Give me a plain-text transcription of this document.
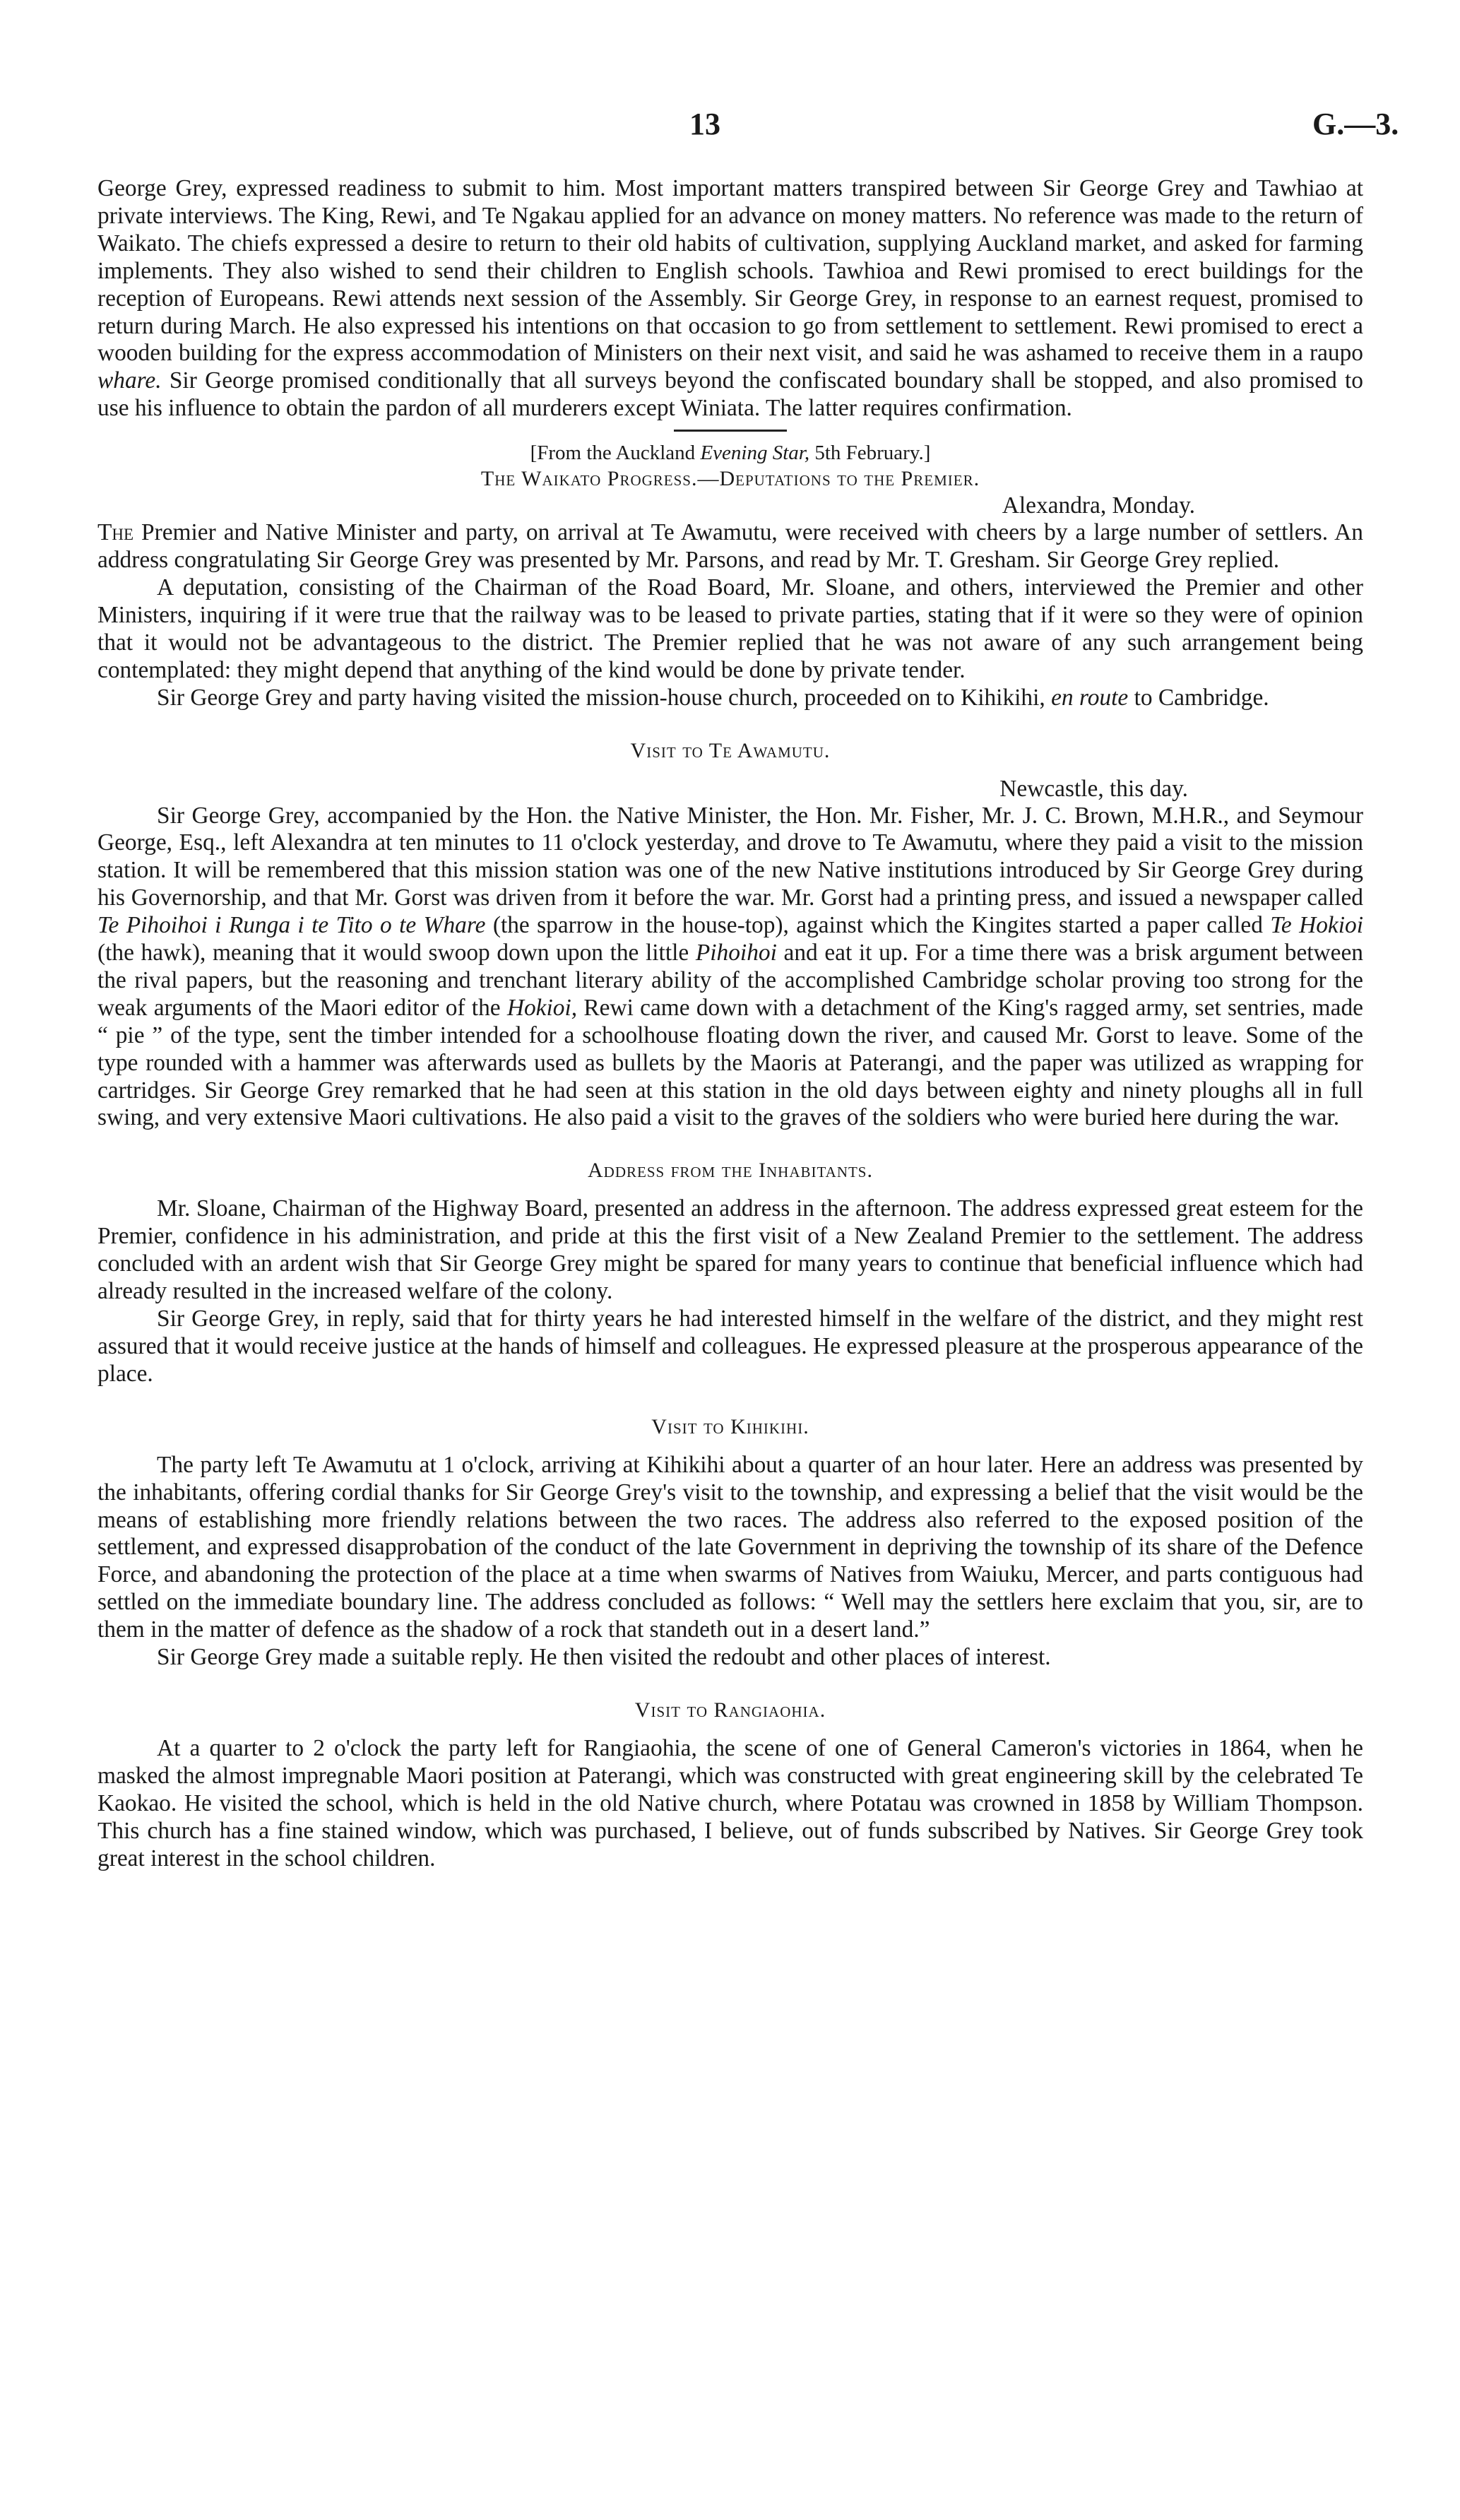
13	G.—3.

George Grey, expressed readiness to submit to him. Most important matters transpired between Sir George Grey and Tawhiao at private interviews. The King, Rewi, and Te Ngakau applied for an advance on money matters. No reference was made to the return of Waikato. The chiefs expressed a desire to return to their old habits of cultivation, supplying Auckland market, and asked for farming implements. They also wished to send their children to English schools. Tawhioa and Rewi promised to erect buildings for the reception of Europeans. Rewi attends next session of the Assembly. Sir George Grey, in response to an earnest request, promised to return during March. He also expressed his intentions on that occasion to go from settlement to settlement. Rewi promised to erect a wooden building for the express accommodation of Ministers on their next visit, and said he was ashamed to receive them in a raupo whare. Sir George promised conditionally that all surveys beyond the confiscated boundary shall be stopped, and also promised to use his influence to obtain the pardon of all murderers except Winiata. The latter requires confirmation.

[From the Auckland Evening Star, 5th February.]
The Waikato Progress.—Deputations to the Premier.
Alexandra, Monday.

The Premier and Native Minister and party, on arrival at Te Awamutu, were received with cheers by a large number of settlers. An address congratulating Sir George Grey was presented by Mr. Parsons, and read by Mr. T. Gresham. Sir George Grey replied.

A deputation, consisting of the Chairman of the Road Board, Mr. Sloane, and others, interviewed the Premier and other Ministers, inquiring if it were true that the railway was to be leased to private parties, stating that if it were so they were of opinion that it would not be advantageous to the district. The Premier replied that he was not aware of any such arrangement being contemplated: they might depend that anything of the kind would be done by private tender.

Sir George Grey and party having visited the mission-house church, proceeded on to Kihikihi, en route to Cambridge.

Visit to Te Awamutu.
Newcastle, this day.

Sir George Grey, accompanied by the Hon. the Native Minister, the Hon. Mr. Fisher, Mr. J. C. Brown, M.H.R., and Seymour George, Esq., left Alexandra at ten minutes to 11 o'clock yesterday, and drove to Te Awamutu, where they paid a visit to the mission station. It will be remembered that this mission station was one of the new Native institutions introduced by Sir George Grey during his Governorship, and that Mr. Gorst was driven from it before the war. Mr. Gorst had a printing press, and issued a newspaper called Te Pihoihoi i Runga i te Tito o te Whare (the sparrow in the house-top), against which the Kingites started a paper called Te Hokioi (the hawk), meaning that it would swoop down upon the little Pihoihoi and eat it up. For a time there was a brisk argument between the rival papers, but the reasoning and trenchant literary ability of the accomplished Cambridge scholar proving too strong for the weak arguments of the Maori editor of the Hokioi, Rewi came down with a detachment of the King's ragged army, set sentries, made “ pie ” of the type, sent the timber intended for a schoolhouse floating down the river, and caused Mr. Gorst to leave. Some of the type rounded with a hammer was afterwards used as bullets by the Maoris at Paterangi, and the paper was utilized as wrapping for cartridges. Sir George Grey remarked that he had seen at this station in the old days between eighty and ninety ploughs all in full swing, and very extensive Maori cultivations. He also paid a visit to the graves of the soldiers who were buried here during the war.

Address from the Inhabitants.

Mr. Sloane, Chairman of the Highway Board, presented an address in the afternoon. The address expressed great esteem for the Premier, confidence in his administration, and pride at this the first visit of a New Zealand Premier to the settlement. The address concluded with an ardent wish that Sir George Grey might be spared for many years to continue that beneficial influence which had already resulted in the increased welfare of the colony.

Sir George Grey, in reply, said that for thirty years he had interested himself in the welfare of the district, and they might rest assured that it would receive justice at the hands of himself and colleagues. He expressed pleasure at the prosperous appearance of the place.

Visit to Kihikihi.

The party left Te Awamutu at 1 o'clock, arriving at Kihikihi about a quarter of an hour later. Here an address was presented by the inhabitants, offering cordial thanks for Sir George Grey's visit to the township, and expressing a belief that the visit would be the means of establishing more friendly relations between the two races. The address also referred to the exposed position of the settlement, and expressed disapprobation of the conduct of the late Government in depriving the township of its share of the Defence Force, and abandoning the protection of the place at a time when swarms of Natives from Waiuku, Mercer, and parts contiguous had settled on the immediate boundary line. The address concluded as follows: “ Well may the settlers here exclaim that you, sir, are to them in the matter of defence as the shadow of a rock that standeth out in a desert land.”

Sir George Grey made a suitable reply. He then visited the redoubt and other places of interest.

Visit to Rangiaohia.

At a quarter to 2 o'clock the party left for Rangiaohia, the scene of one of General Cameron's victories in 1864, when he masked the almost impregnable Maori position at Paterangi, which was constructed with great engineering skill by the celebrated Te Kaokao. He visited the school, which is held in the old Native church, where Potatau was crowned in 1858 by William Thompson. This church has a fine stained window, which was purchased, I believe, out of funds subscribed by Natives. Sir George Grey took great interest in the school children.
